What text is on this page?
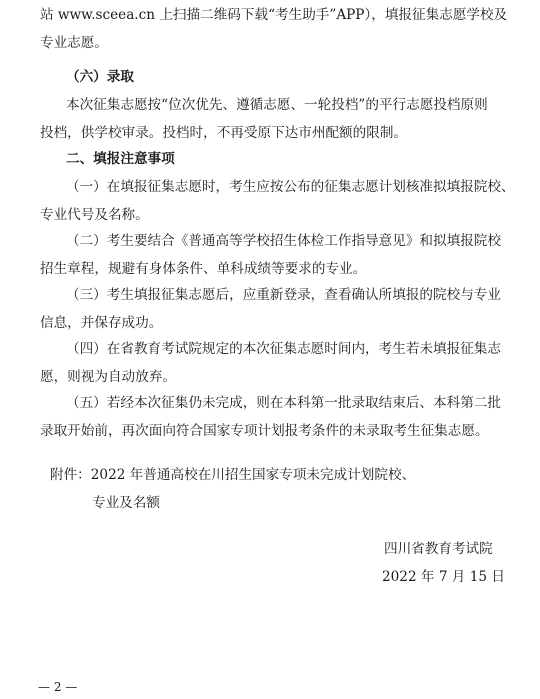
站 www.sceea.cn 上扫描二维码下载“考生助手”APP），填报征集志愿学校及
专业志愿。
（六）录取
本次征集志愿按“位次优先、遵循志愿、一轮投档”的平行志愿投档原则
投档，供学校审录。投档时，不再受原下达市州配额的限制。
二、填报注意事项
（一）在填报征集志愿时，考生应按公布的征集志愿计划核准拟填报院校、
专业代号及名称。
（二）考生要结合《普通高等学校招生体检工作指导意见》和拟填报院校
招生章程，规避有身体条件、单科成绩等要求的专业。
（三）考生填报征集志愿后，应重新登录，查看确认所填报的院校与专业
信息，并保存成功。
（四）在省教育考试院规定的本次征集志愿时间内，考生若未填报征集志
愿，则视为自动放弃。
（五）若经本次征集仍未完成，则在本科第一批录取结束后、本科第二批
录取开始前，再次面向符合国家专项计划报考条件的未录取考生征集志愿。
附件：2022 年普通高校在川招生国家专项未完成计划院校、
专业及名额
四川省教育考试院
2022 年 7 月 15 日
— 2 —
